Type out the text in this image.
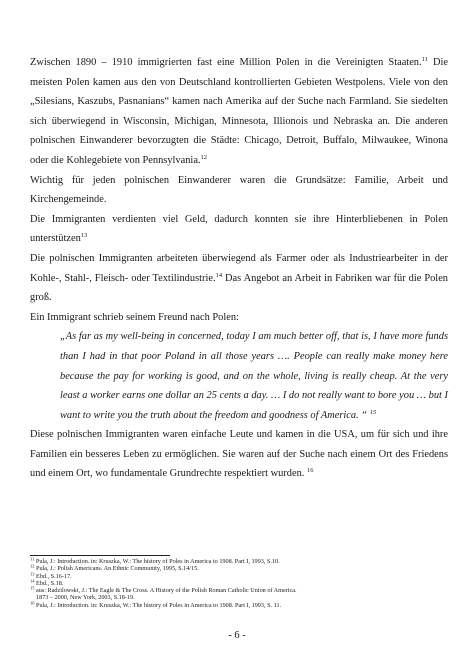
Zwischen 1890 – 1910 immigrierten fast eine Million Polen in die Vereinigten Staaten.$^{11}$ Die meisten Polen kamen aus den von Deutschland kontrollierten Gebieten Westpolens. Viele von den „Silesians, Kaszubs, Pasnanians“ kamen nach Amerika auf der Suche nach Farmland. Sie siedelten sich überwiegend in Wisconsin, Michigan, Minnesota, Illionois und Nebraska an. Die anderen polnischen Einwanderer bevorzugten die Städte: Chicago, Detroit, Buffalo, Milwaukee, Winona oder die Kohlegebiete von Pennsylvania.$^{12}$

Wichtig für jeden polnischen Einwanderer waren die Grundsätze: Familie, Arbeit und Kirchengemeinde.

Die Immigranten verdienten viel Geld, dadurch konnten sie ihre Hinterbliebenen in Polen unterstützen$^{13}$

Die polnischen Immigranten arbeiteten überwiegend als Farmer oder als Industriearbeiter in der Kohle-, Stahl-, Fleisch- oder Textilindustrie.$^{14}$ Das Angebot an Arbeit in Fabriken war für die Polen groß.

Ein Immigrant schrieb seinem Freund nach Polen:

„As far as my well-being in concerned, today I am much better off, that is, I have more funds than I had in that poor Poland in all those years …. People can really make money here because the pay for working is good, and on the whole, living is really cheap. At the very least a worker earns one dollar an 25 cents a day. … I do not really want to bore you … but I want to write you the truth about the freedom and goodness of America. “ $^{15}$

Diese polnischen Immigranten waren einfache Leute und kamen in die USA, um für sich und ihre Familien ein besseres Leben zu ermöglichen. Sie waren auf der Suche nach einem Ort des Friedens und einem Ort, wo fundamentale Grundrechte respektiert wurden. $^{16}$

$^{11}$ Pula, J.: Introduction. in: Kruszka, W.: The history of Poles in America to 1908. Part I, 1993, S.10.

$^{12}$ Pula, J.: Polish Americans. An Ethnic Community, 1995, S.14/15.

$^{13}$ Ebd., S.16-17.

$^{14}$ Ebd., S.18.

$^{15}$ aus: Radzilowski, J.: The Eagle & The Cross. A History of the Polish Roman Catholic Union of America.

1873 – 2000, New York, 2003, S.18-19.

$^{16}$ Pula, J.: Introduction. in: Kruszka, W.: The history of Poles in America to 1908. Part I, 1993, S. 11.

- 6 -
